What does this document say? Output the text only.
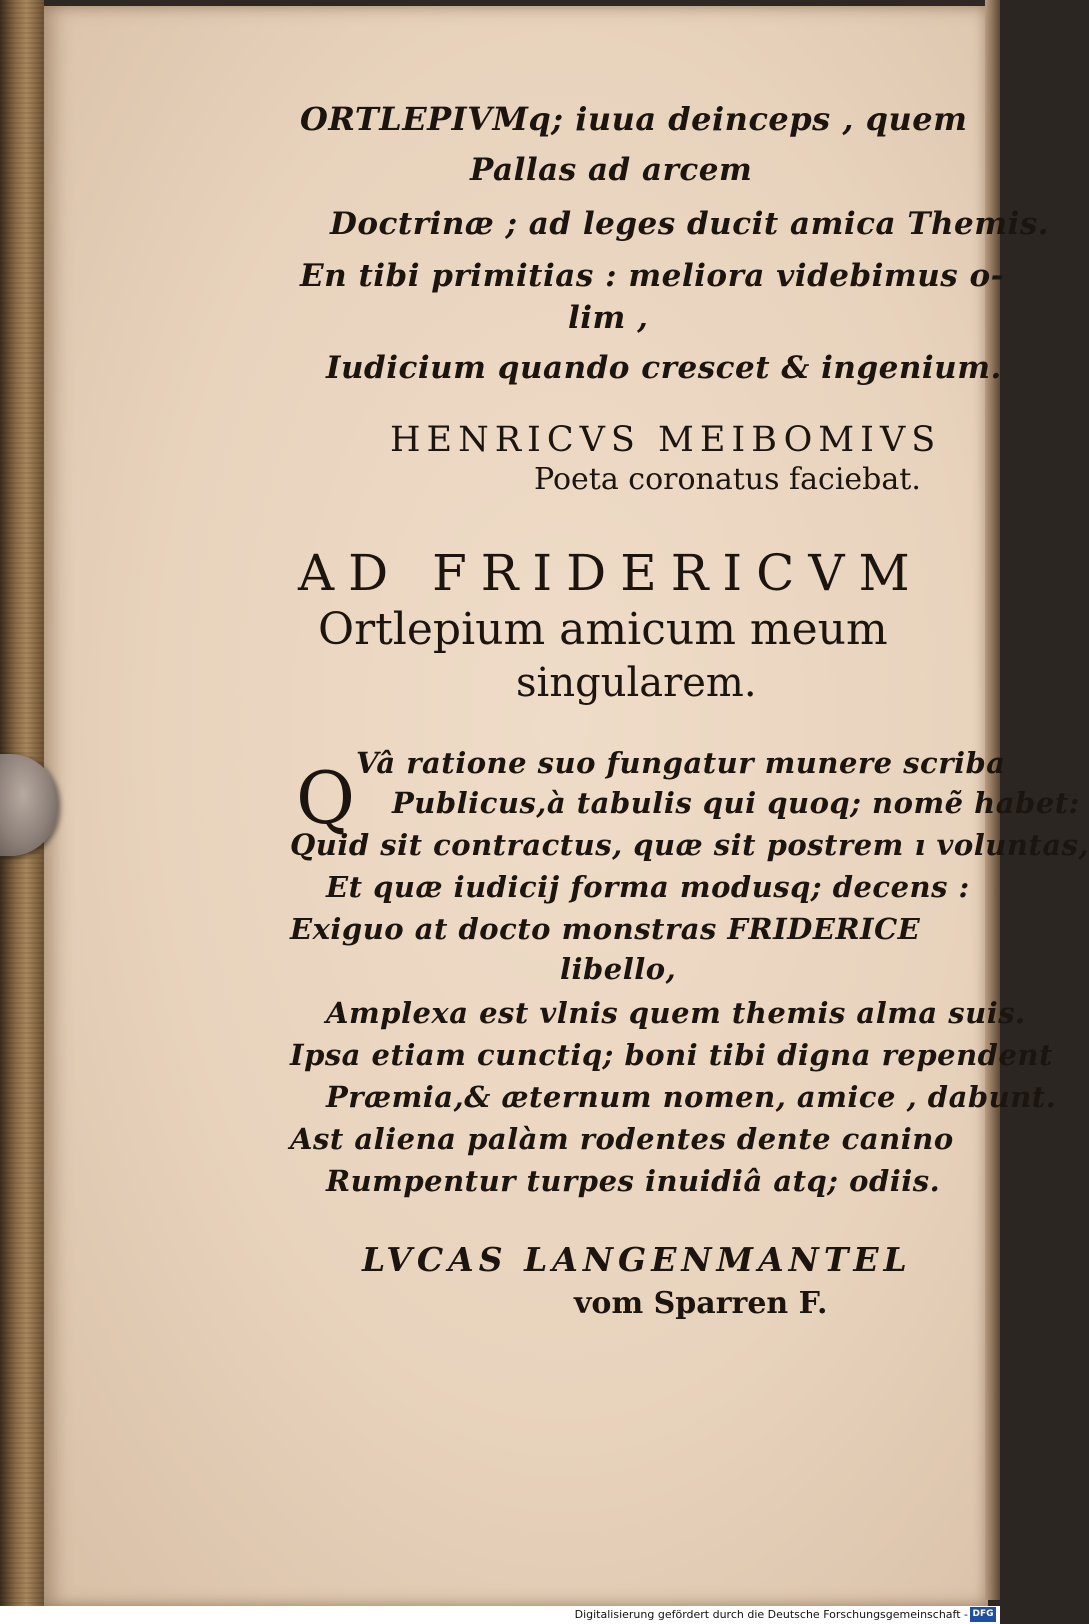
ORTLEPIVMq; iuua deinceps , quem
Pallas ad arcem
Doctrinæ ; ad leges ducit amica Themis.
En tibi primitias : meliora videbimus o-
lim ,
Iudicium quando crescet & ingenium.
HENRICVS MEIBOMIVS
Poeta coronatus faciebat.
AD FRIDERICVM
Ortlepium amicum meum
singularem.
Q Vâ ratione suo fungatur munere scriba
Publicus,à tabulis qui quoq; nomẽ habet:
Quid sit contractus, quæ sit postrem ı voluntas,
Et quæ iudicij forma modusq; decens :
Exiguo at docto monstras FRIDERICE
libello,
Amplexa est vlnis quem themis alma suis.
Ipsa etiam cunctiq; boni tibi digna rependent
Præmia,& æternum nomen, amice , dabunt.
Ast aliena palàm rodentes dente canino
Rumpentur turpes inuidiâ atq; odiis.
LVCAS LANGENMANTEL
vom Sparren F.
Digitalisierung gefördert durch die Deutsche Forschungsgemeinschaft - DFG
